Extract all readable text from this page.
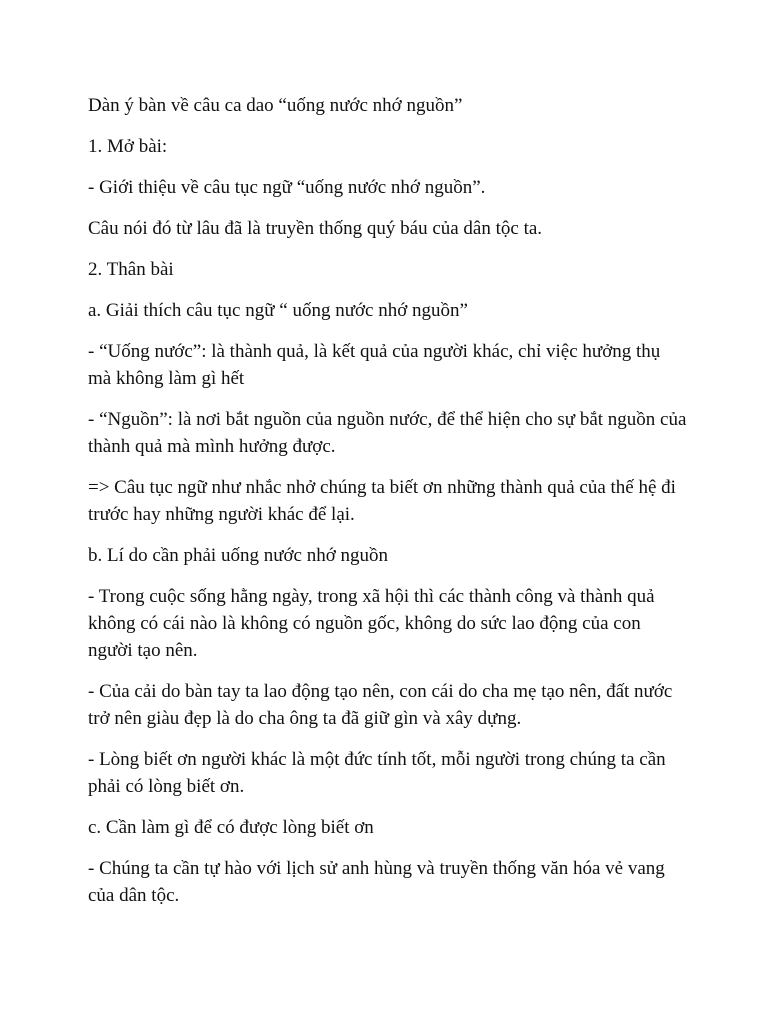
Dàn ý bàn về câu ca dao “uống nước nhớ nguồn”

1. Mở bài:

- Giới thiệu về câu tục ngữ “uống nước nhớ nguồn”.

Câu nói đó từ lâu đã là truyền thống quý báu của dân tộc ta.

2. Thân bài

a. Giải thích câu tục ngữ “ uống nước nhớ nguồn”

- “Uống nước”: là thành quả, là kết quả của người khác, chỉ việc hưởng thụ mà không làm gì hết

- “Nguồn”: là nơi bắt nguồn của nguồn nước, để thể hiện cho sự bắt nguồn của thành quả mà mình hưởng được.

=> Câu tục ngữ như nhắc nhở chúng ta biết ơn những thành quả của thế hệ đi trước hay những người khác để lại.

b. Lí do cần phải uống nước nhớ nguồn

- Trong cuộc sống hằng ngày, trong xã hội thì các thành công và thành quả không có cái nào là không có nguồn gốc, không do sức lao động của con người tạo nên.

- Của cải do bàn tay ta lao động tạo nên, con cái do cha mẹ tạo nên, đất nước trở nên giàu đẹp là do cha ông ta đã giữ gìn và xây dựng.

- Lòng biết ơn người khác là một đức tính tốt, mỗi người trong chúng ta cần phải có lòng biết ơn.

c. Cần làm gì để có được lòng biết ơn

- Chúng ta cần tự hào với lịch sử anh hùng và truyền thống văn hóa vẻ vang của dân tộc.
